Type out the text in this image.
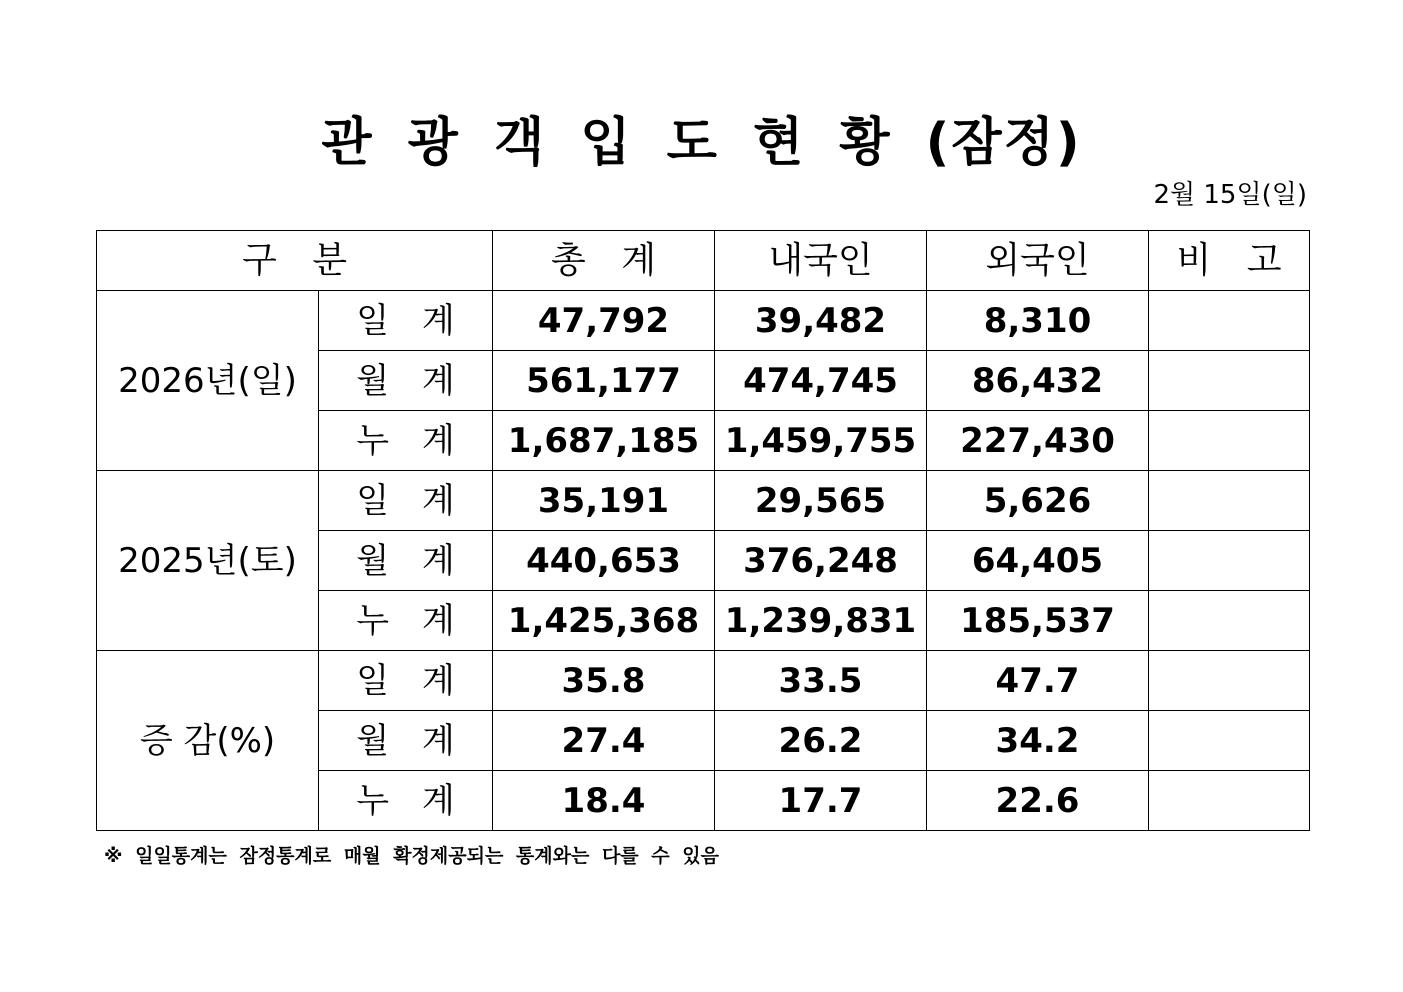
관 광 객 입 도 현 황 (잠정)
2월 15일(일)
구 분		총 계	내국인	외국인	비 고
2026년(일)	일 계	47,792	39,482	8,310	
	월 계	561,177	474,745	86,432	
	누 계	1,687,185	1,459,755	227,430	
2025년(토)	일 계	35,191	29,565	5,626	
	월 계	440,653	376,248	64,405	
	누 계	1,425,368	1,239,831	185,537	
증 감(%)	일 계	35.8	33.5	47.7	
	월 계	27.4	26.2	34.2	
	누 계	18.4	17.7	22.6	
※ 일일통계는 잠정통계로 매월 확정제공되는 통계와는 다를 수 있음
